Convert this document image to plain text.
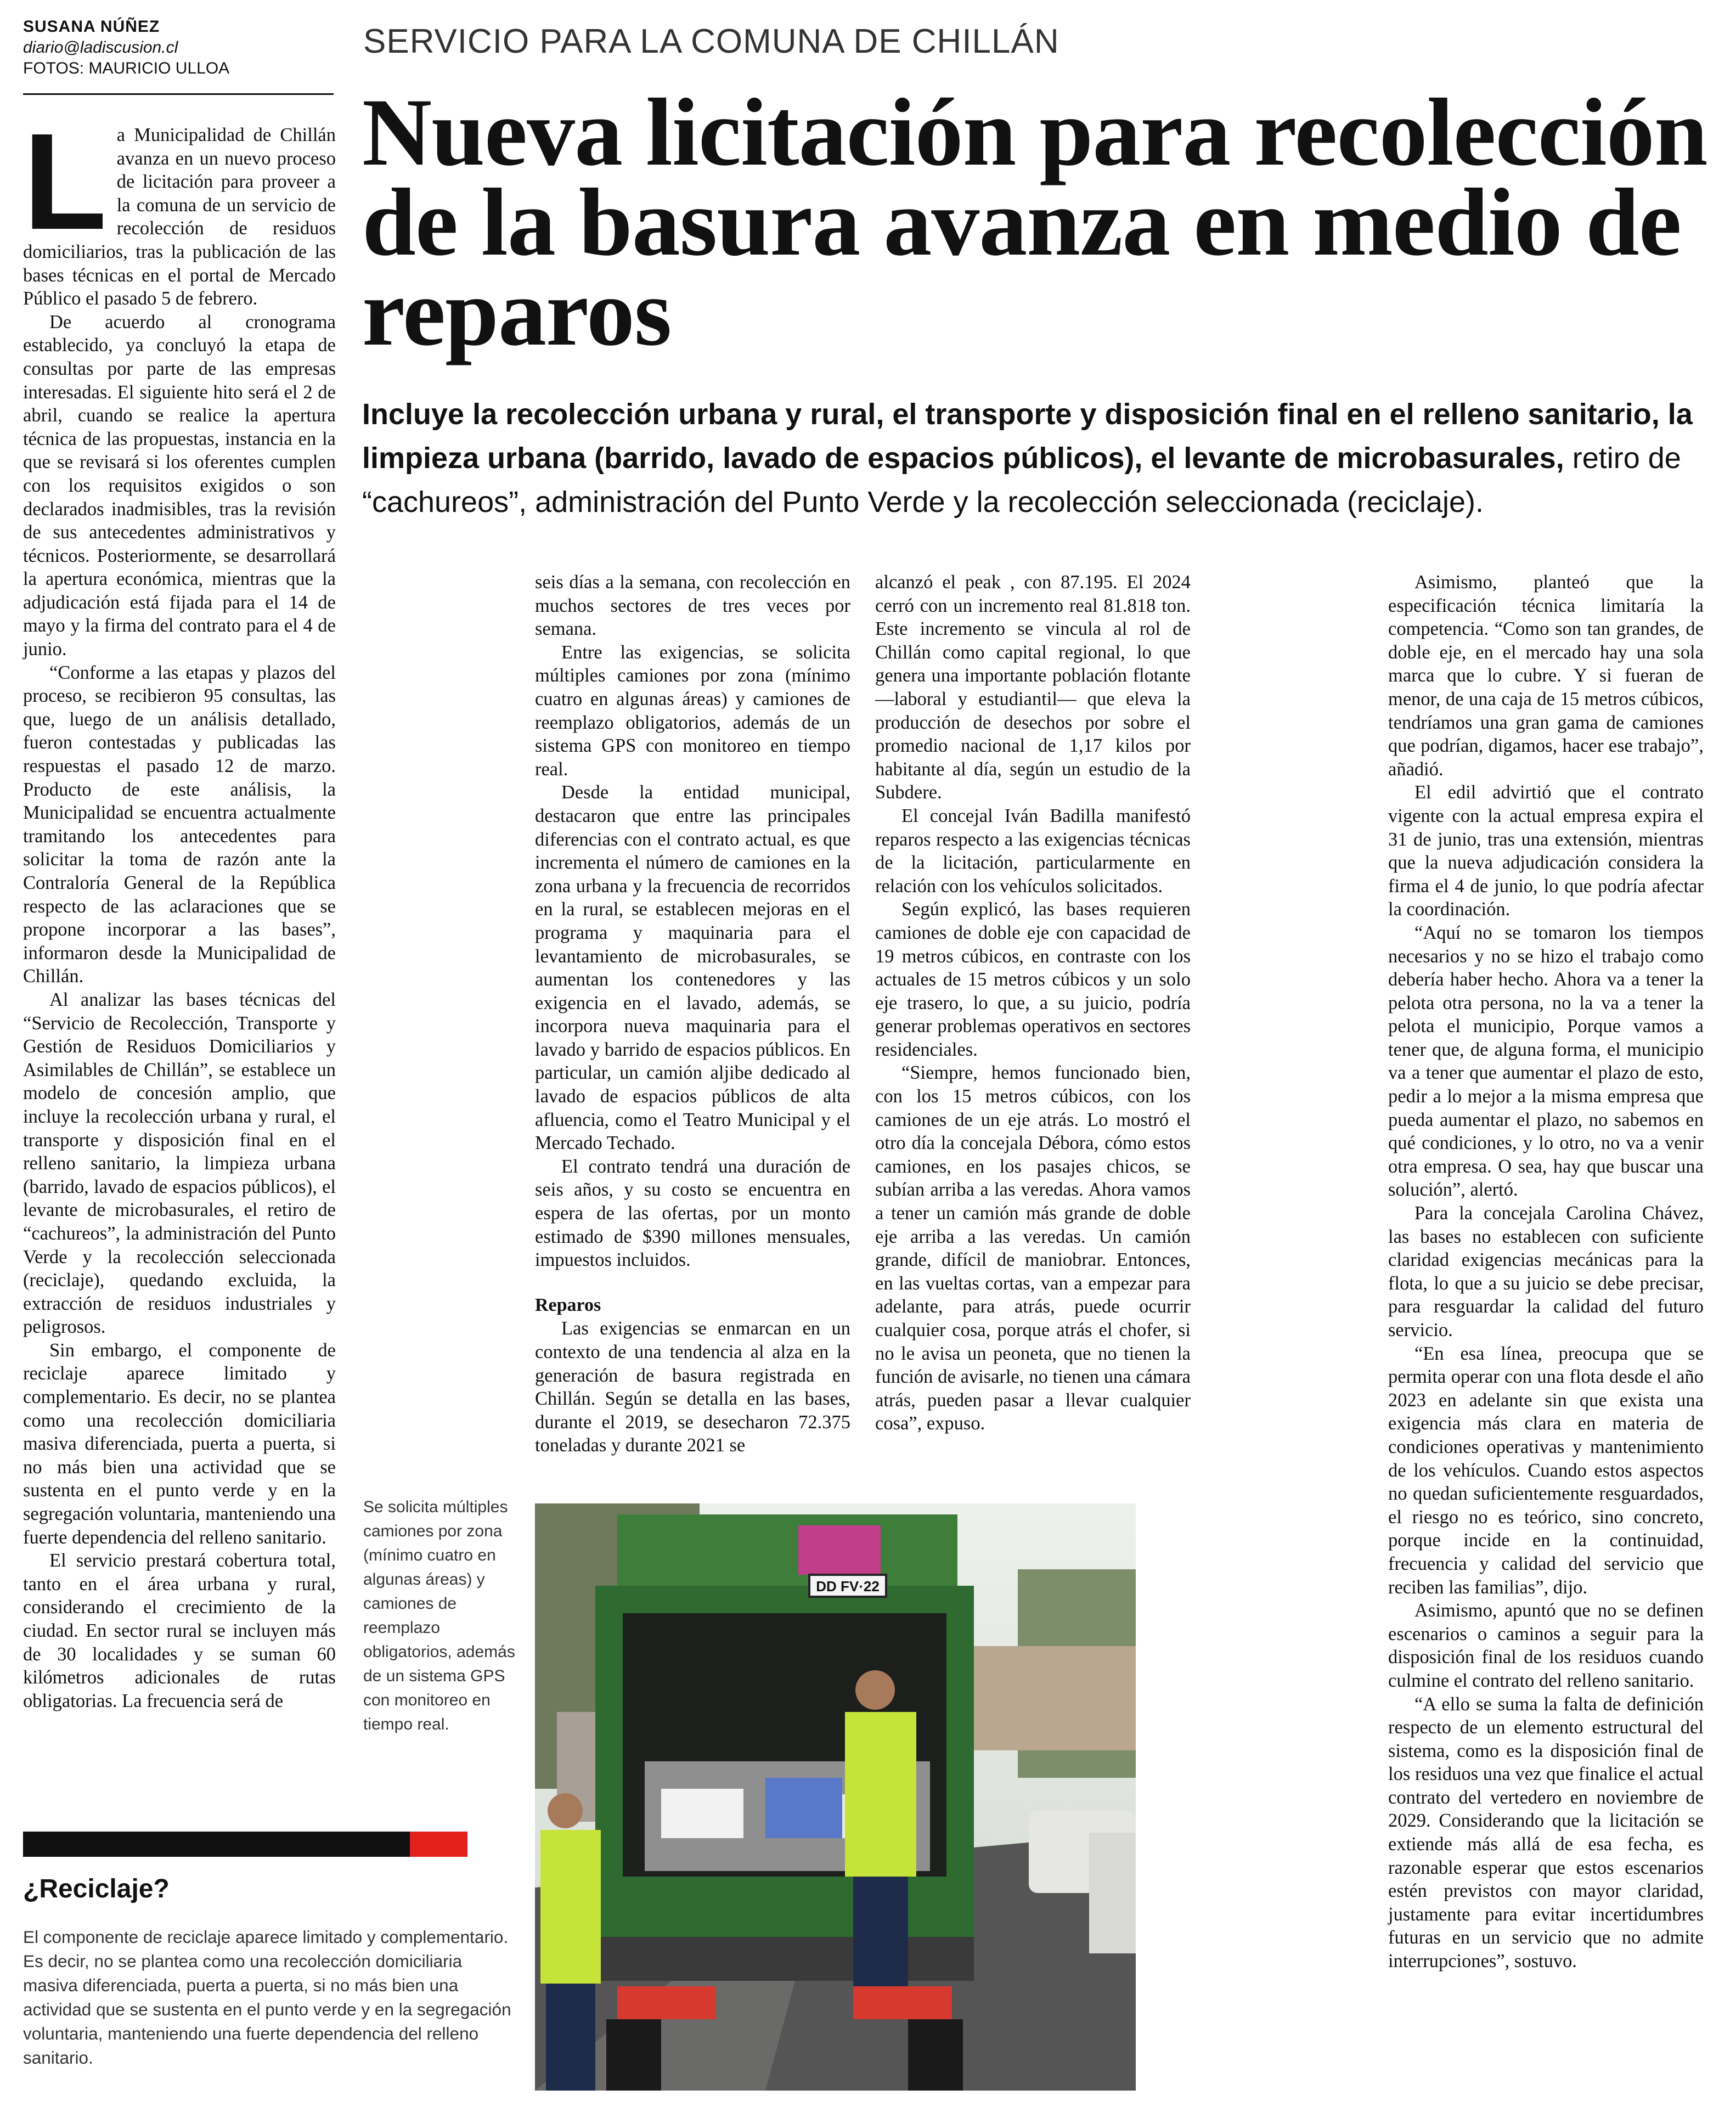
SUSANA NÚÑEZ
diario@ladiscusion.cl
FOTOS: MAURICIO ULLOA
SERVICIO PARA LA COMUNA DE CHILLÁN
Nueva licitación para recolección de la basura avanza en medio de reparos
Incluye la recolección urbana y rural, el transporte y disposición final en el relleno sanitario, la limpieza urbana (barrido, lavado de espacios públicos), el levante de microbasurales, retiro de “cachureos”, administración del Punto Verde y la recolección seleccionada (reciclaje).

La Municipalidad de Chillán avanza en un nuevo proceso de licitación para proveer a la comuna de un servicio de recolección de residuos domiciliarios, tras la publicación de las bases técnicas en el portal de Mercado Público el pasado 5 de febrero.

De acuerdo al cronograma establecido, ya concluyó la etapa de consultas por parte de las empresas interesadas. El siguiente hito será el 2 de abril, cuando se realice la apertura técnica de las propuestas, instancia en la que se revisará si los oferentes cumplen con los requisitos exigidos o son declarados inadmisibles, tras la revisión de sus antecedentes administrativos y técnicos. Posteriormente, se desarrollará la apertura económica, mientras que la adjudicación está fijada para el 14 de mayo y la firma del contrato para el 4 de junio.

“Conforme a las etapas y plazos del proceso, se recibieron 95 consultas, las que, luego de un análisis detallado, fueron contestadas y publicadas las respuestas el pasado 12 de marzo. Producto de este análisis, la Municipalidad se encuentra actualmente tramitando los antecedentes para solicitar la toma de razón ante la Contraloría General de la República respecto de las aclaraciones que se propone incorporar a las bases”, informaron desde la Municipalidad de Chillán.

Al analizar las bases técnicas del “Servicio de Recolección, Transporte y Gestión de Residuos Domiciliarios y Asimilables de Chillán”, se establece un modelo de concesión amplio, que incluye la recolección urbana y rural, el transporte y disposición final en el relleno sanitario, la limpieza urbana (barrido, lavado de espacios públicos), el levante de microbasurales, el retiro de “cachureos”, la administración del Punto Verde y la recolección seleccionada (reciclaje), quedando excluida, la extracción de residuos industriales y peligrosos.

Sin embargo, el componente de reciclaje aparece limitado y complementario. Es decir, no se plantea como una recolección domiciliaria masiva diferenciada, puerta a puerta, si no más bien una actividad que se sustenta en el punto verde y en la segregación voluntaria, manteniendo una fuerte dependencia del relleno sanitario.

El servicio prestará cobertura total, tanto en el área urbana y rural, considerando el crecimiento de la ciudad. En sector rural se incluyen más de 30 localidades y se suman 60 kilómetros adicionales de rutas obligatorias. La frecuencia será de

seis días a la semana, con recolección en muchos sectores de tres veces por semana.

Entre las exigencias, se solicita múltiples camiones por zona (mínimo cuatro en algunas áreas) y camiones de reemplazo obligatorios, además de un sistema GPS con monitoreo en tiempo real.

Desde la entidad municipal, destacaron que entre las principales diferencias con el contrato actual, es que incrementa el número de camiones en la zona urbana y la frecuencia de recorridos en la rural, se establecen mejoras en el programa y maquinaria para el levantamiento de microbasurales, se aumentan los contenedores y las exigencia en el lavado, además, se incorpora nueva maquinaria para el lavado y barrido de espacios públicos. En particular, un camión aljibe dedicado al lavado de espacios públicos de alta afluencia, como el Teatro Municipal y el Mercado Techado.

El contrato tendrá una duración de seis años, y su costo se encuentra en espera de las ofertas, por un monto estimado de $390 millones mensuales, impuestos incluidos.

Reparos

Las exigencias se enmarcan en un contexto de una tendencia al alza en la generación de basura registrada en Chillán. Según se detalla en las bases, durante el 2019, se desecharon 72.375 toneladas y durante 2021 se

alcanzó el peak , con 87.195. El 2024 cerró con un incremento real 81.818 ton. Este incremento se vincula al rol de Chillán como capital regional, lo que genera una importante población flotante —laboral y estudiantil— que eleva la producción de desechos por sobre el promedio nacional de 1,17 kilos por habitante al día, según un estudio de la Subdere.

El concejal Iván Badilla manifestó reparos respecto a las exigencias técnicas de la licitación, particularmente en relación con los vehículos solicitados.

Según explicó, las bases requieren camiones de doble eje con capacidad de 19 metros cúbicos, en contraste con los actuales de 15 metros cúbicos y un solo eje trasero, lo que, a su juicio, podría generar problemas operativos en sectores residenciales.

“Siempre, hemos funcionado bien, con los 15 metros cúbicos, con los camiones de un eje atrás. Lo mostró el otro día la concejala Débora, cómo estos camiones, en los pasajes chicos, se subían arriba a las veredas. Ahora vamos a tener un camión más grande de doble eje arriba a las veredas. Un camión grande, difícil de maniobrar. Entonces, en las vueltas cortas, van a empezar para adelante, para atrás, puede ocurrir cualquier cosa, porque atrás el chofer, si no le avisa un peoneta, que no tienen la función de avisarle, no tienen una cámara atrás, pueden pasar a llevar cualquier cosa”, expuso.

Asimismo, planteó que la especificación técnica limitaría la competencia. “Como son tan grandes, de doble eje, en el mercado hay una sola marca que lo cubre. Y si fueran de menor, de una caja de 15 metros cúbicos, tendríamos una gran gama de camiones que podrían, digamos, hacer ese trabajo”, añadió.

El edil advirtió que el contrato vigente con la actual empresa expira el 31 de junio, tras una extensión, mientras que la nueva adjudicación considera la firma el 4 de junio, lo que podría afectar la coordinación.

“Aquí no se tomaron los tiempos necesarios y no se hizo el trabajo como debería haber hecho. Ahora va a tener la pelota otra persona, no la va a tener la pelota el municipio, Porque vamos a tener que, de alguna forma, el municipio va a tener que aumentar el plazo de esto, pedir a lo mejor a la misma empresa que pueda aumentar el plazo, no sabemos en qué condiciones, y lo otro, no va a venir otra empresa. O sea, hay que buscar una solución”, alertó.

Para la concejala Carolina Chávez, las bases no establecen con suficiente claridad exigencias mecánicas para la flota, lo que a su juicio se debe precisar, para resguardar la calidad del futuro servicio.

“En esa línea, preocupa que se permita operar con una flota desde el año 2023 en adelante sin que exista una exigencia más clara en materia de condiciones operativas y mantenimiento de los vehículos. Cuando estos aspectos no quedan suficientemente resguardados, el riesgo no es teórico, sino concreto, porque incide en la continuidad, frecuencia y calidad del servicio que reciben las familias”, dijo.

Asimismo, apuntó que no se definen escenarios o caminos a seguir para la disposición final de los residuos cuando culmine el contrato del relleno sanitario.

“A ello se suma la falta de definición respecto de un elemento estructural del sistema, como es la disposición final de los residuos una vez que finalice el actual contrato del vertedero en noviembre de 2029. Considerando que la licitación se extiende más allá de esa fecha, es razonable esperar que estos escenarios estén previstos con mayor claridad, justamente para evitar incertidumbres futuras en un servicio que no admite interrupciones”, sostuvo.

Se solicita múltiples camiones por zona (mínimo cuatro en algunas áreas) y camiones de reemplazo obligatorios, además de un sistema GPS con monitoreo en tiempo real.
DD FV·22
¿Reciclaje?
El componente de reciclaje aparece limitado y complementario. Es decir, no se plantea como una recolección domiciliaria masiva diferenciada, puerta a puerta, si no más bien una actividad que se sustenta en el punto verde y en la segregación voluntaria, manteniendo una fuerte dependencia del relleno sanitario.
